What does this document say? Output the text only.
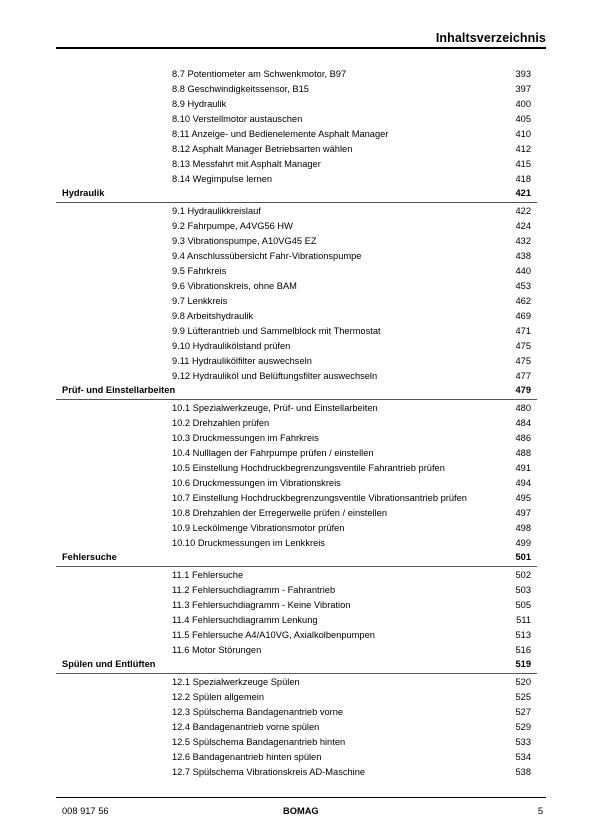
Inhaltsverzeichnis
8.7 Potentiometer am Schwenkmotor, B97	393
8.8 Geschwindigkeitssensor, B15	397
8.9 Hydraulik	400
8.10 Verstellmotor austauschen	405
8.11 Anzeige- und Bedienelemente Asphalt Manager	410
8.12 Asphalt Manager Betriebsarten wählen	412
8.13 Messfahrt mit Asphalt Manager	415
8.14 Wegimpulse lernen	418
Hydraulik	421
9.1 Hydraulikkreislauf	422
9.2 Fahrpumpe, A4VG56 HW	424
9.3 Vibrationspumpe, A10VG45 EZ	432
9.4 Anschlussübersicht Fahr-Vibrationspumpe	438
9.5 Fahrkreis	440
9.6 Vibrationskreis, ohne BAM	453
9.7 Lenkkreis	462
9.8 Arbeitshydraulik	469
9.9 Lüfterantrieb und Sammelblock mit Thermostat	471
9.10 Hydraulikölstand prüfen	475
9.11 Hydraulikölfilter auswechseln	475
9.12 Hydrauliköl und Belüftungsfilter auswechseln	477
Prüf- und Einstellarbeiten	479
10.1 Spezialwerkzeuge, Prüf- und Einstellarbeiten	480
10.2 Drehzahlen prüfen	484
10.3 Druckmessungen im Fahrkreis	486
10.4 Nulllagen der Fahrpumpe prüfen / einstellen	488
10.5 Einstellung Hochdruckbegrenzungsventile Fahrantrieb prüfen	491
10.6 Druckmessungen im Vibrationskreis	494
10.7 Einstellung Hochdruckbegrenzungsventile Vibrationsantrieb prüfen	495
10.8 Drehzahlen der Erregerwelle prüfen / einstellen	497
10.9 Leckölmenge Vibrationsmotor prüfen	498
10.10 Druckmessungen im Lenkkreis	499
Fehlersuche	501
11.1 Fehlersuche	502
11.2 Fehlersuchdiagramm - Fahrantrieb	503
11.3 Fehlersuchdiagramm - Keine Vibration	505
11.4 Fehlersuchdiagramm Lenkung	511
11.5 Fehlersuche A4/A10VG, Axialkolbenpumpen	513
11.6 Motor Störungen	516
Spülen und Entlüften	519
12.1 Spezialwerkzeuge Spülen	520
12.2 Spülen allgemein	525
12.3 Spülschema Bandagenantrieb vorne	527
12.4 Bandagenantrieb vorne spülen	529
12.5 Spülschema Bandagenantrieb hinten	533
12.6 Bandagenantrieb hinten spülen	534
12.7 Spülschema Vibrationskreis AD-Maschine	538
008 917 56	BOMAG	5
